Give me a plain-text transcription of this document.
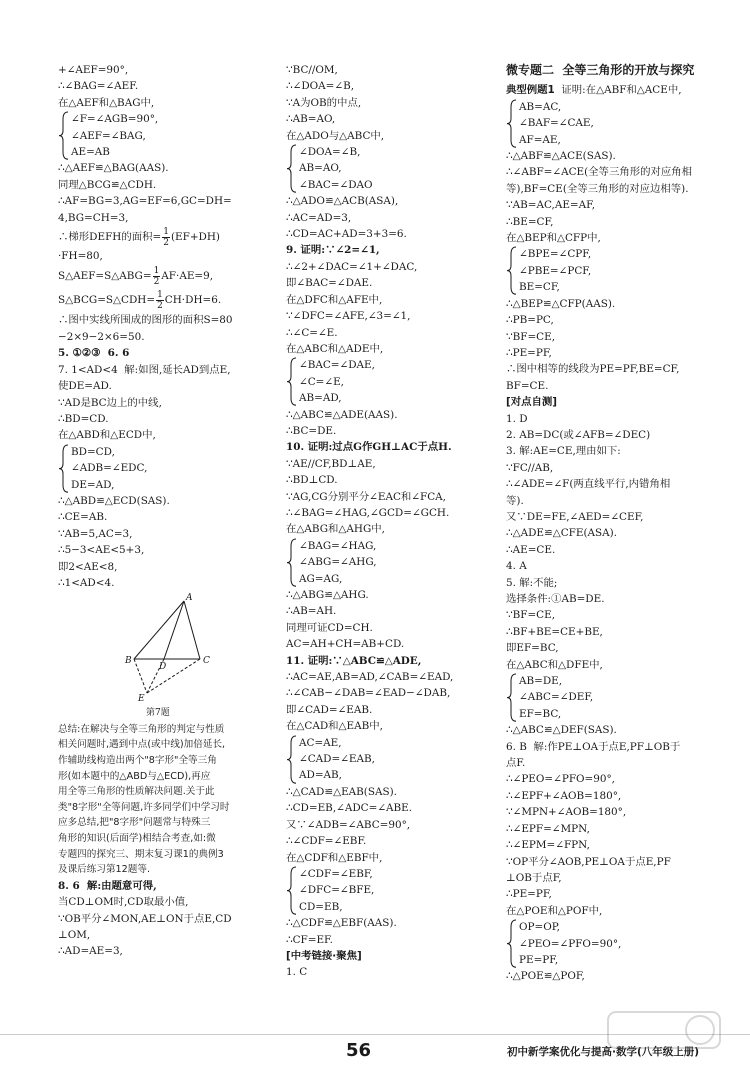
+∠AEF=90°,
∴∠BAG=∠AEF.
在△AEF和△BAG中,
∠F=∠AGB=90°,
∠AEF=∠BAG,
AE=AB
∴△AEF≌△BAG(AAS).
同理△BCG≌△CDH.
∴AF=BG=3,AG=EF=6,GC=DH=
4,BG=CH=3,
∴梯形DEFH的面积= $\frac{1}{2} (EF+DH)$
·FH=80,
S△AEF=S△ABG= $\frac{1}{2} AF\cdot AE=9$,
S△BCG=S△CDH= $\frac{1}{2} CH\cdot DH=6$.
∴图中实线所围成的图形的面积S=80
−2×9−2×6=50.
5. ①②③  6. 6
7. 1<AD<4  解:如图,延长AD到点E,
使DE=AD.
∵AD是BC边上的中线,
∴BD=CD.
在△ABD和△ECD中,
BD=CD,
∠ADB=∠EDC,
DE=AD,
∴△ABD≌△ECD(SAS).
∴CE=AB.
∵AB=5,AC=3,
∴5−3<AE<5+3,
即2<AE<8,
∴1<AD<4.
A
B	C
D
E
第7题
总结:在解决与全等三角形的判定与性质
相关问题时,遇到中点(或中线)加倍延长,
作辅助线构造出两个"8字形"全等三角
形(如本题中的△ABD与△ECD),再应
用全等三角形的性质解决问题.关于此
类"8字形"全等问题,许多同学们中学习时
应多总结,把"8字形"问题常与特殊三
角形的知识(后面学)相结合考查,如:微
专题四的探究三、期末复习课1的典例3
及课后练习第12题等.
8. 6  解:由题意可得,
当CD⊥OM时,CD取最小值,
∵OB平分∠MON,AE⊥ON于点E,CD
⊥OM,
∴AD=AE=3,
∵BC//OM,
∴∠DOA=∠B,
∵A为OB的中点,
∴AB=AO,
在△ADO与△ABC中,
∠DOA=∠B,
AB=AO,
∠BAC=∠DAO
∴△ADO≌△ACB(ASA),
∴AC=AD=3,
∴CD=AC+AD=3+3=6.
9. 证明:∵∠2=∠1,
∴∠2+∠DAC=∠1+∠DAC,
即∠BAC=∠DAE.
在△DFC和△AFE中,
∵∠DFC=∠AFE,∠3=∠1,
∴∠C=∠E.
在△ABC和△ADE中,
∠BAC=∠DAE,
∠C=∠E,
AB=AD,
∴△ABC≌△ADE(AAS).
∴BC=DE.
10. 证明:过点G作GH⊥AC于点H.
∵AE//CF,BD⊥AE,
∴BD⊥CD.
∵AG,CG分别平分∠EAC和∠FCA,
∴∠BAG=∠HAG,∠GCD=∠GCH.
在△ABG和△AHG中,
∠BAG=∠HAG,
∠ABG=∠AHG,
AG=AG,
∴△ABG≌△AHG.
∴AB=AH.
同理可证CD=CH.
AC=AH+CH=AB+CD.
11. 证明:∵△ABC≌△ADE,
∴AC=AE,AB=AD,∠CAB=∠EAD,
∴∠CAB−∠DAB=∠EAD−∠DAB,
即∠CAD=∠EAB.
在△CAD和△EAB中,
AC=AE,
∠CAD=∠EAB,
AD=AB,
∴△CAD≌△EAB(SAS).
∴CD=EB,∠ADC=∠ABE.
又∵∠ADB=∠ABC=90°,
∴∠CDF=∠EBF.
在△CDF和△EBF中,
∠CDF=∠EBF,
∠DFC=∠BFE,
CD=EB,
∴△CDF≌△EBF(AAS).
∴CF=EF.
[中考链接·聚焦]
1. C
微专题二  全等三角形的开放与探究
典型例题1  证明:在△ABF和△ACE中,
AB=AC,
∠BAF=∠CAE,
AF=AE,
∴△ABF≌△ACE(SAS).
∴∠ABF=∠ACE(全等三角形的对应角相
等),BF=CE(全等三角形的对应边相等).
∵AB=AC,AE=AF,
∴BE=CF,
在△BEP和△CFP中,
∠BPE=∠CPF,
∠PBE=∠PCF,
BE=CF,
∴△BEP≌△CFP(AAS).
∴PB=PC,
∵BF=CE,
∴PE=PF,
∴图中相等的线段为PE=PF,BE=CF,
BF=CE.
[对点自测]
1. D
2. AB=DC(或∠AFB=∠DEC)
3. 解:AE=CE,理由如下:
∵FC//AB,
∴∠ADE=∠F(两直线平行,内错角相
等).
又∵DE=FE,∠AED=∠CEF,
∴△ADE≌△CFE(ASA).
∴AE=CE.
4. A
5. 解:不能;
选择条件:①AB=DE.
∵BF=CE,
∴BF+BE=CE+BE,
即EF=BC,
在△ABC和△DFE中,
AB=DE,
∠ABC=∠DEF,
EF=BC,
∴△ABC≌△DEF(SAS).
6. B  解:作PE⊥OA于点E,PF⊥OB于
点F.
∴∠PEO=∠PFO=90°,
∴∠EPF+∠AOB=180°,
∵∠MPN+∠AOB=180°,
∴∠EPF=∠MPN,
∴∠EPM=∠FPN,
∵OP平分∠AOB,PE⊥OA于点E,PF
⊥OB于点F,
∴PE=PF,
在△POE和△POF中,
OP=OP,
∠PEO=∠PFO=90°,
PE=PF,
∴△POE≌△POF,
56	初中新学案优化与提高·数学(八年级上册)
